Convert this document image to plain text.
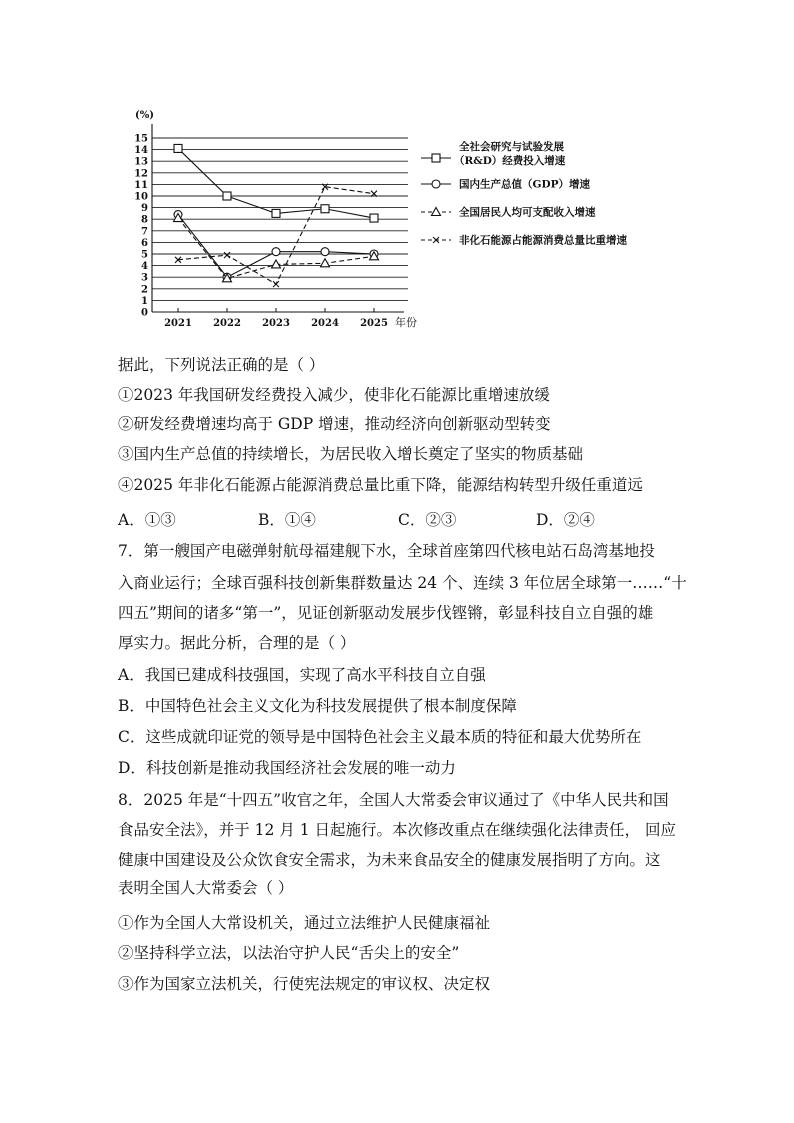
0
1
2
3
4
5
6
7
8
9
10
11
12
13
14
15
(%)
2021 2022 2023 2024 2025 年份
全社会研究与试验发展
（R&D）经费投入增速
国内生产总值（GDP）增速
全国居民人均可支配收入增速
非化石能源占能源消费总量比重增速
据此，下列说法正确的是（ ）
①2023 年我国研发经费投入减少，使非化石能源比重增速放缓
②研发经费增速均高于 GDP 增速，推动经济向创新驱动型转变
③国内生产总值的持续增长，为居民收入增长奠定了坚实的物质基础
④2025 年非化石能源占能源消费总量比重下降，能源结构转型升级任重道远
A．①③	B．①④	C．②③	D．②④
7．第一艘国产电磁弹射航母福建舰下水，全球首座第四代核电站石岛湾基地投
入商业运行；全球百强科技创新集群数量达 24 个、连续 3 年位居全球第一……“十
四五”期间的诸多“第一”，见证创新驱动发展步伐铿锵，彰显科技自立自强的雄
厚实力。据此分析，合理的是（ ）
A．我国已建成科技强国，实现了高水平科技自立自强
B．中国特色社会主义文化为科技发展提供了根本制度保障
C．这些成就印证党的领导是中国特色社会主义最本质的特征和最大优势所在
D．科技创新是推动我国经济社会发展的唯一动力
8．2025 年是“十四五”收官之年，全国人大常委会审议通过了《中华人民共和国
食品安全法》，并于 12 月 1 日起施行。本次修改重点在继续强化法律责任， 回应
健康中国建设及公众饮食安全需求，为未来食品安全的健康发展指明了方向。这
表明全国人大常委会（ ）
①作为全国人大常设机关，通过立法维护人民健康福祉
②坚持科学立法，以法治守护人民“舌尖上的安全”
③作为国家立法机关，行使宪法规定的审议权、决定权
